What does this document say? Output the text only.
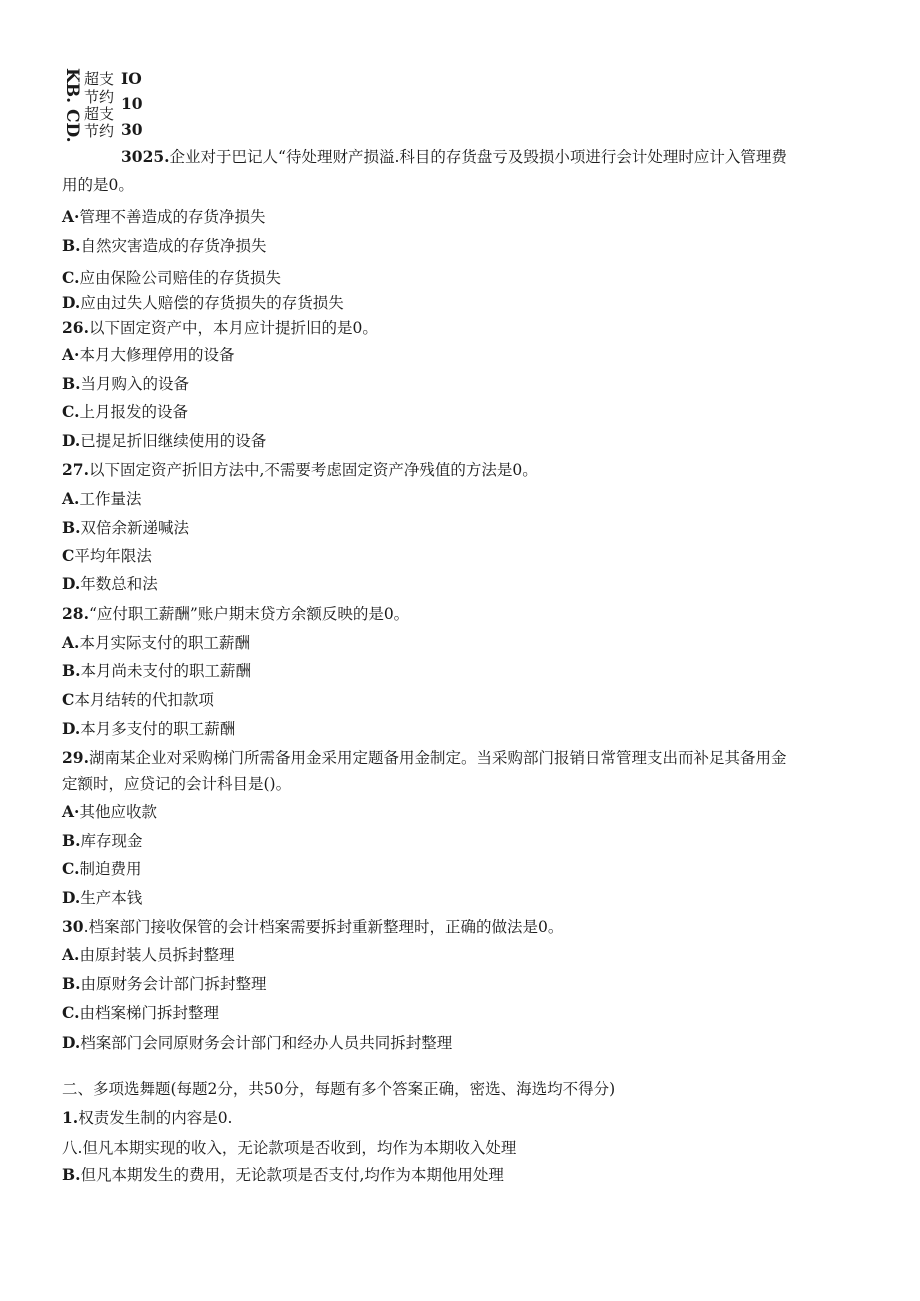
KB. CD. 超支 IO
节约 10
超支
节约 30
3025.企业对于巴记人“待处理财产损溢.科目的存货盘亏及毁损小项进行会计处理时应计入管理费
用的是0。
A·管理不善造成的存货净损失
B.自然灾害造成的存货净损失
C.应由保险公司赔佳的存货损失
D.应由过失人赔偿的存货损失的存货损失
26.以下固定资产中，本月应计提折旧的是0。
A·本月大修理停用的设备
B.当月购入的设备
C.上月报发的设备
D.已提足折旧继续使用的设备
27.以下固定资产折旧方法中,不需要考虑固定资产净残值的方法是0。
A.工作量法
B.双倍余新递喊法
C平均年限法
D.年数总和法
28.“应付职工薪酬”账户期末贷方余额反映的是0。
A.本月实际支付的职工薪酬
B.本月尚未支付的职工薪酬
C本月结转的代扣款项
D.本月多支付的职工薪酬
29.湖南某企业对采购梯门所需备用金采用定题备用金制定。当采购部门报销日常管理支出而补足其备用金
定额时，应贷记的会计科目是()。
A·其他应收款
B.库存现金
C.制迫费用
D.生产本钱
30.档案部门接收保管的会计档案需要拆封重新整理时，正确的做法是0。
A.由原封装人员拆封整理
B.由原财务会计部门拆封整理
C.由档案梯门拆封整理
D.档案部门会同原财务会计部门和经办人员共同拆封整理
二、多项选舞题(每题2分，共50分，每题有多个答案正确，密选、海选均不得分)
1.权责发生制的内容是0.
八.但凡本期实现的收入，无论款项是否收到，均作为本期收入处理
B.但凡本期发生的费用，无论款项是否支付,均作为本期他用处理
